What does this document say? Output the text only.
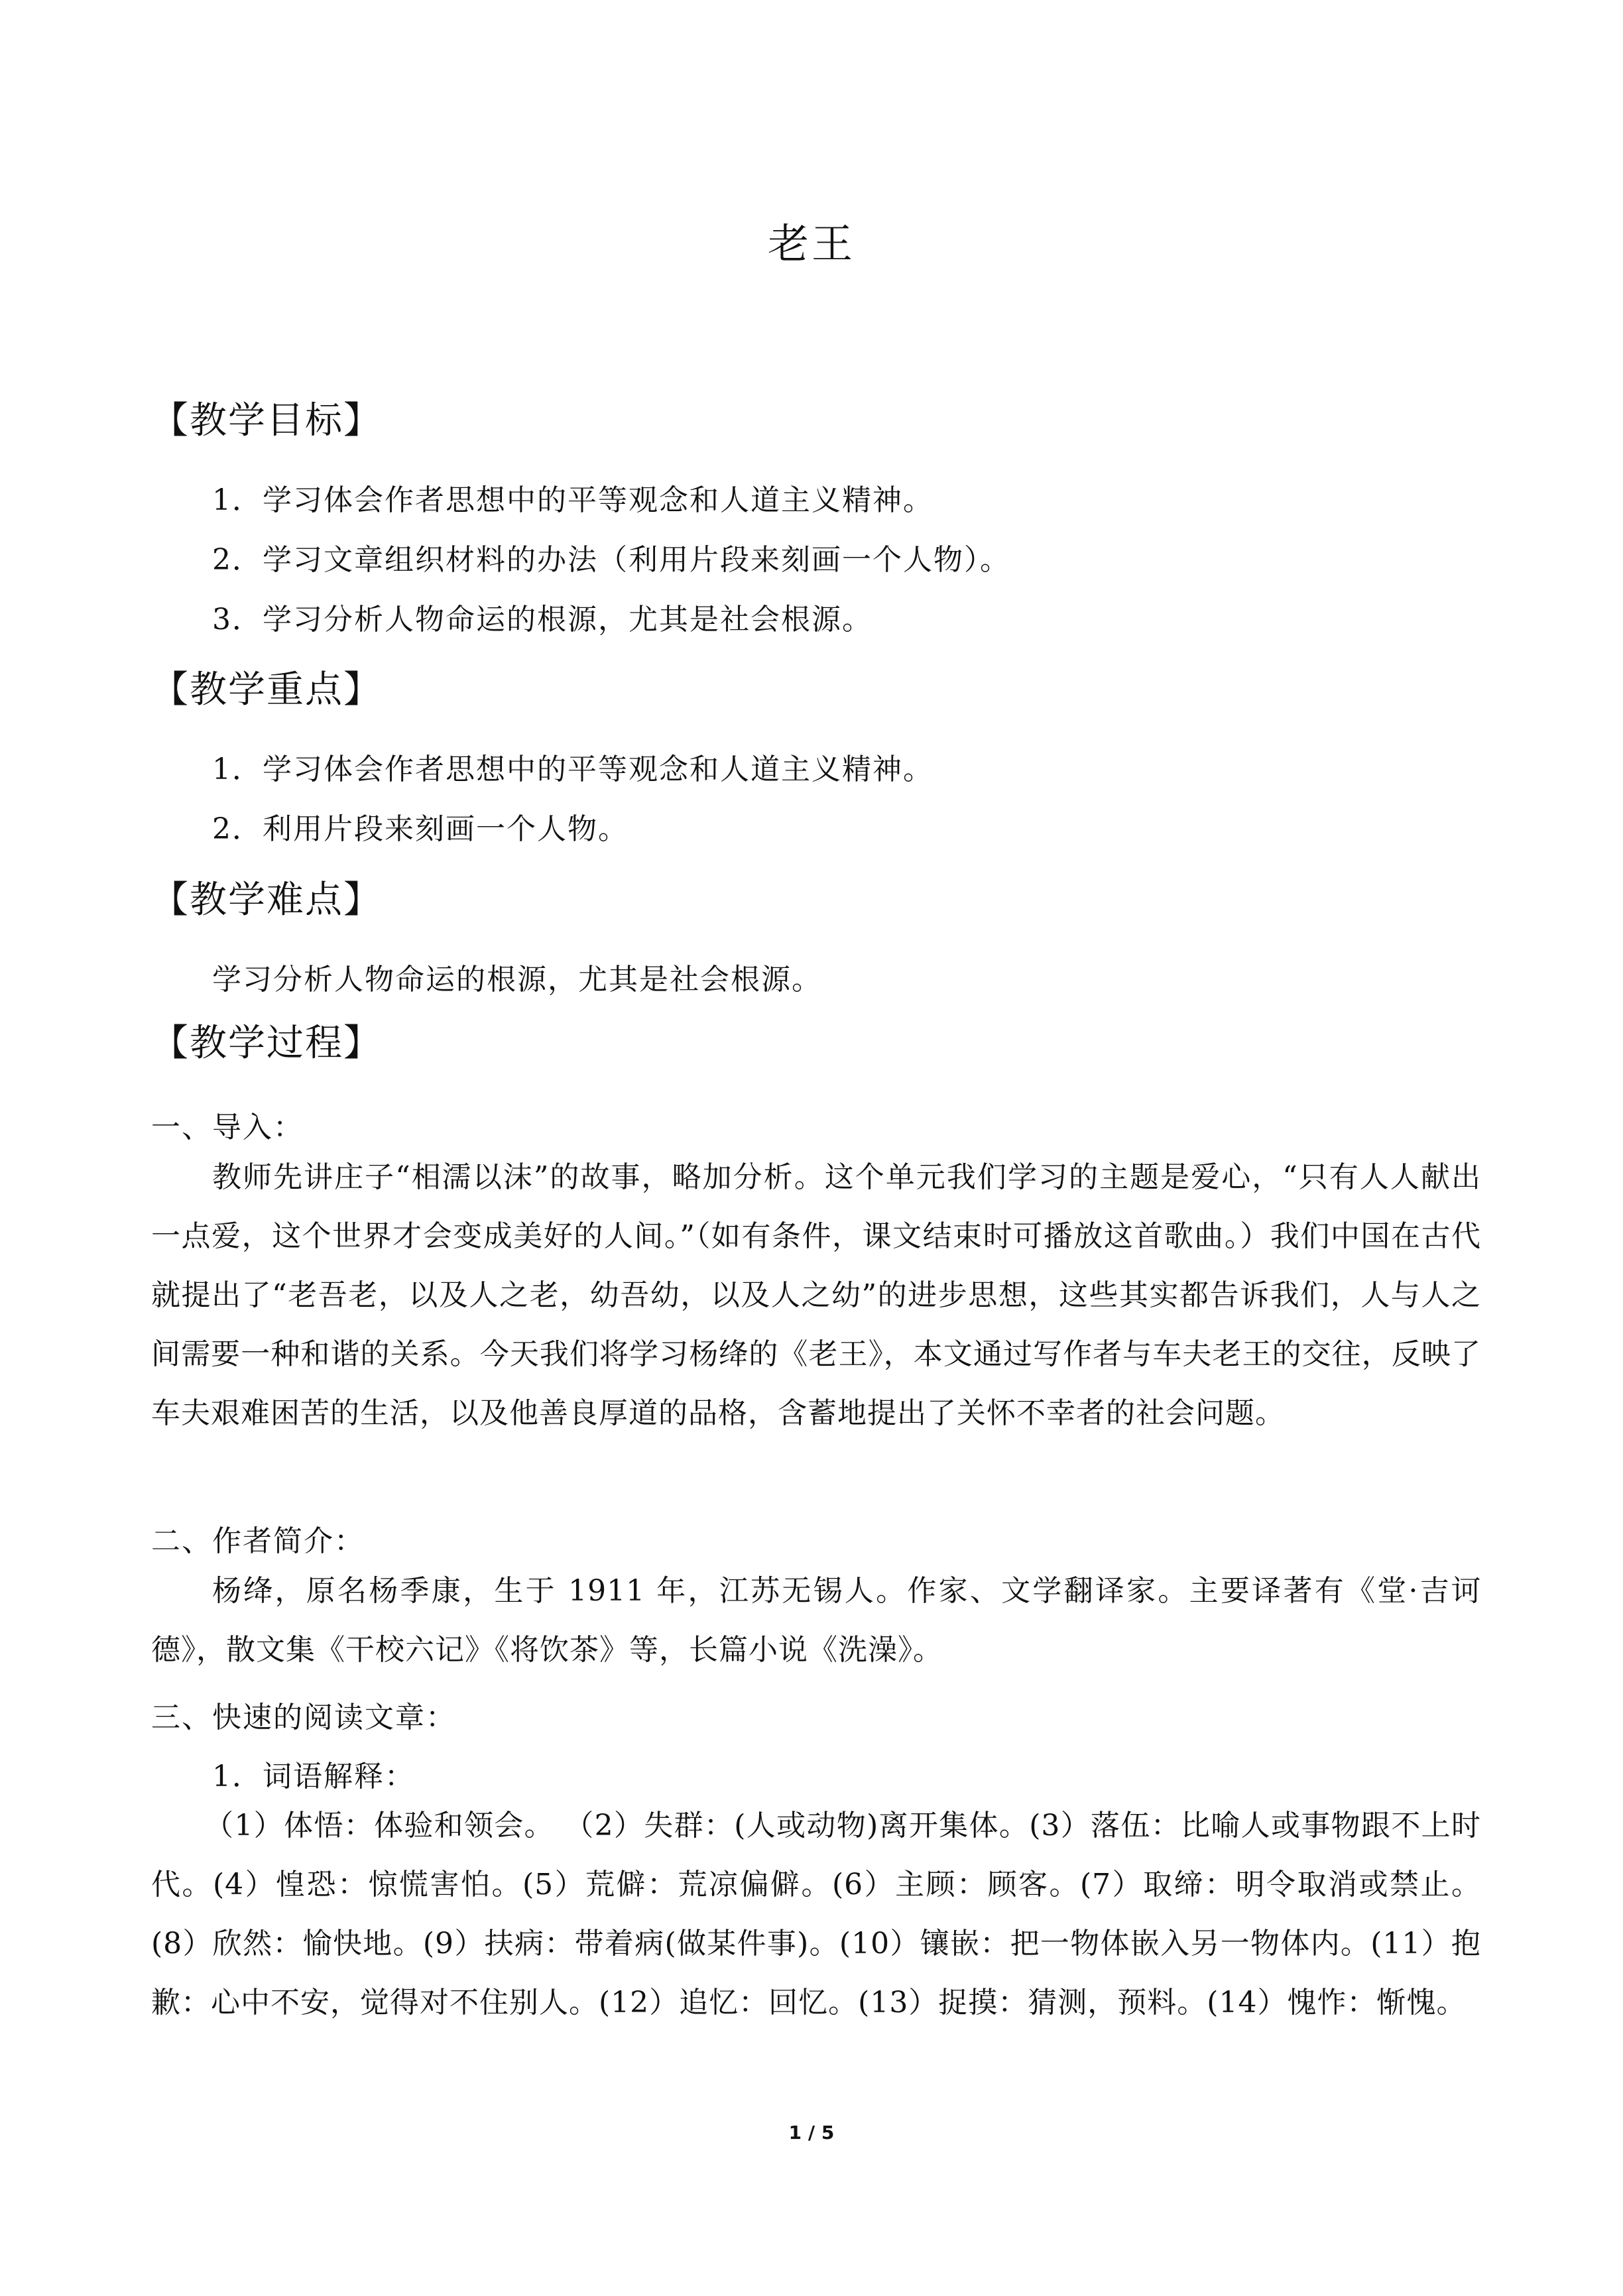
老王
【教学目标】
1．学习体会作者思想中的平等观念和人道主义精神。
2．学习文章组织材料的办法（利用片段来刻画一个人物）。
3．学习分析人物命运的根源，尤其是社会根源。
【教学重点】
1．学习体会作者思想中的平等观念和人道主义精神。
2．利用片段来刻画一个人物。
【教学难点】
学习分析人物命运的根源，尤其是社会根源。
【教学过程】
一、导入：
教师先讲庄子“相濡以沫”的故事，略加分析。这个单元我们学习的主题是爱心，“只有人人献出一点爱，这个世界才会变成美好的人间。”（如有条件，课文结束时可播放这首歌曲。）我们中国在古代就提出了“老吾老，以及人之老，幼吾幼，以及人之幼”的进步思想，这些其实都告诉我们，人与人之间需要一种和谐的关系。今天我们将学习杨绛的《老王》，本文通过写作者与车夫老王的交往，反映了车夫艰难困苦的生活，以及他善良厚道的品格，含蓄地提出了关怀不幸者的社会问题。
二、作者简介：
杨绛，原名杨季康，生于 1911 年，江苏无锡人。作家、文学翻译家。主要译著有《堂·吉诃德》，散文集《干校六记》《将饮茶》等，长篇小说《洗澡》。
三、快速的阅读文章：
1．词语解释：
（1）体悟：体验和领会。 （2）失群：(人或动物)离开集体。(3）落伍：比喻人或事物跟不上时代。(4）惶恐：惊慌害怕。(5）荒僻：荒凉偏僻。(6）主顾：顾客。(7）取缔：明令取消或禁止。(8）欣然：愉快地。(9）扶病：带着病(做某件事)。(10）镶嵌：把一物体嵌入另一物体内。(11）抱歉：心中不安，觉得对不住别人。(12）追忆：回忆。(13）捉摸：猜测，预料。(14）愧怍：惭愧。
1 / 5
